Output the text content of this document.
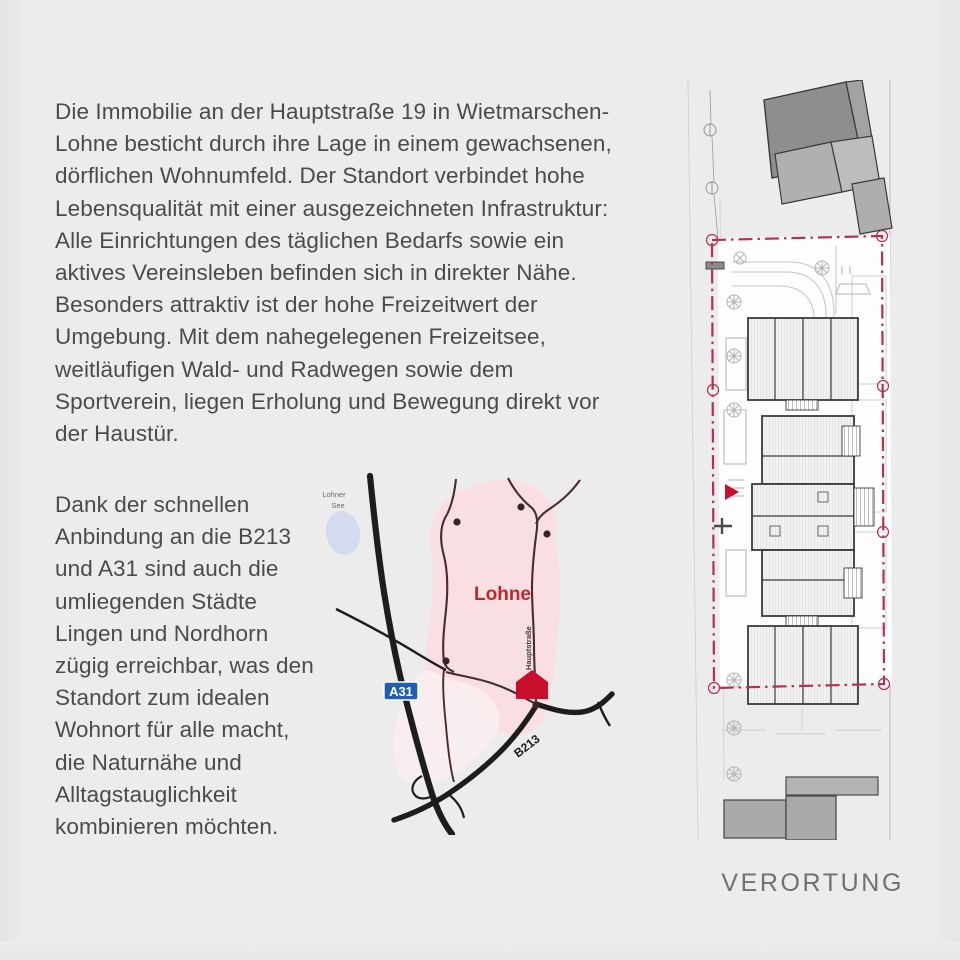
Die Immobilie an der Hauptstraße 19 in Wietmarschen-Lohne besticht durch ihre Lage in einem gewachsenen, dörflichen Wohnumfeld. Der Standort verbindet hohe Lebensqualität mit einer ausgezeichneten Infrastruktur: Alle Einrichtungen des täglichen Bedarfs sowie ein aktives Vereinsleben befinden sich in direkter Nähe. Besonders attraktiv ist der hohe Freizeitwert der Umgebung. Mit dem nahegelegenen Freizeitsee, weitläufigen Wald- und Radwegen sowie dem Sportverein, liegen Erholung und Bewegung direkt vor der Haustür.

Dank der schnellen Anbindung an die B213 und A31 sind auch die umliegenden Städte Lingen und Nordhorn zügig erreichbar, was den Standort zum idealen Wohnort für alle macht, die Naturnähe und Alltagstauglichkeit kombinieren möchten.

Lohner
See
Lohne
Hauptstraße
B213
A31
VERORTUNG
